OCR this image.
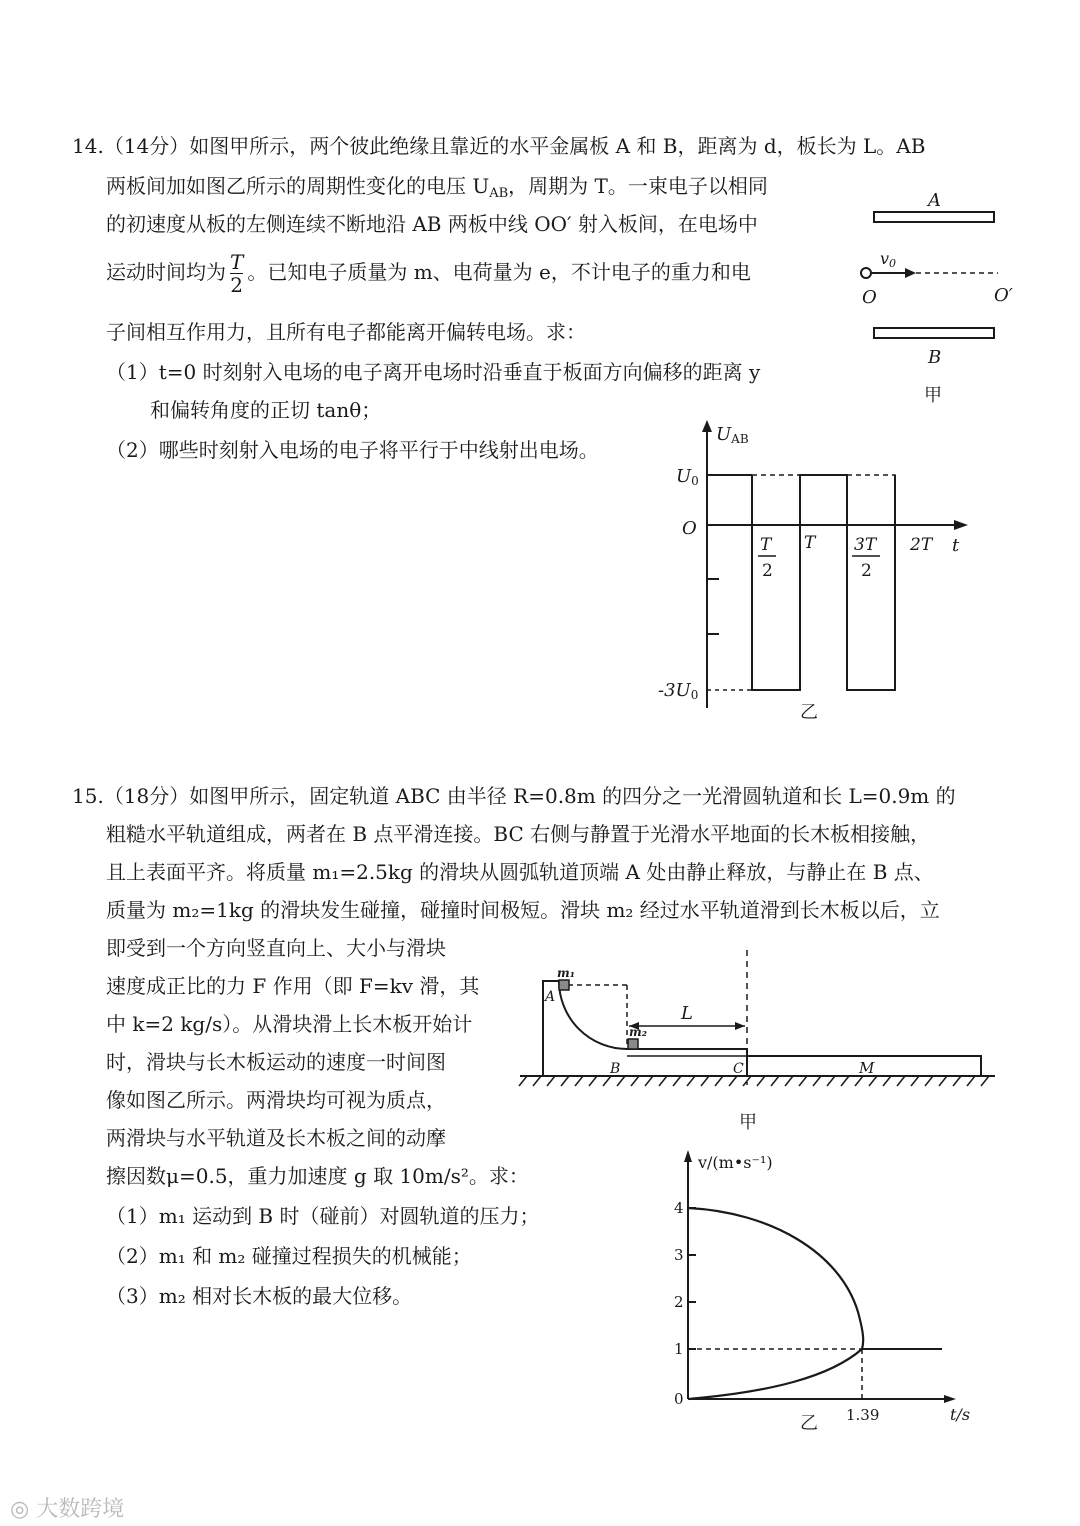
14.（14分）如图甲所示，两个彼此绝缘且靠近的水平金属板 A 和 B，距离为 d，板长为 L。AB
两板间加如图乙所示的周期性变化的电压 $U_{AB}$，周期为 T。一束电子以相同
的初速度从板的左侧连续不断地沿 AB 两板中线 OO′ 射入板间，在电场中
运动时间均为 $\frac{T}{2}$ 。已知电子质量为 m、电荷量为 e，不计电子的重力和电
子间相互作用力，且所有电子都能离开偏转电场。求：
（1）t=0 时刻射入电场的电子离开电场时沿垂直于板面方向偏移的距离 y
和偏转角度的正切 tanθ；
（2）哪些时刻射入电场的电子将平行于中线射出电场。
A
v0
O	O′
B
甲
UAB
t
O
U0
-3U0
T
2
T 3T
2
2T
乙
15.（18分）如图甲所示，固定轨道 ABC 由半径 R=0.8m 的四分之一光滑圆轨道和长 L=0.9m 的
粗糙水平轨道组成，两者在 B 点平滑连接。BC 右侧与静置于光滑水平地面的长木板相接触，
且上表面平齐。将质量 m₁=2.5kg 的滑块从圆弧轨道顶端 A 处由静止释放，与静止在 B 点、
质量为 m₂=1kg 的滑块发生碰撞，碰撞时间极短。滑块 m₂ 经过水平轨道滑到长木板以后，立
即受到一个方向竖直向上、大小与滑块
速度成正比的力 F 作用（即 F=kv 滑，其
中 k=2 kg/s）。从滑块滑上长木板开始计
时，滑块与长木板运动的速度一时间图
像如图乙所示。两滑块均可视为质点，
两滑块与水平轨道及长木板之间的动摩
擦因数μ=0.5，重力加速度 g 取 10m/s²。求：
（1）m₁ 运动到 B 时（碰前）对圆轨道的压力；
（2）m₁ 和 m₂ 碰撞过程损失的机械能；
（3）m₂ 相对长木板的最大位移。
L
M
m₁
m₂
A
B	C
甲
v/(m•s⁻¹)
t/s
0
4
3
2
1
1.39
乙
◎ 大数跨境
